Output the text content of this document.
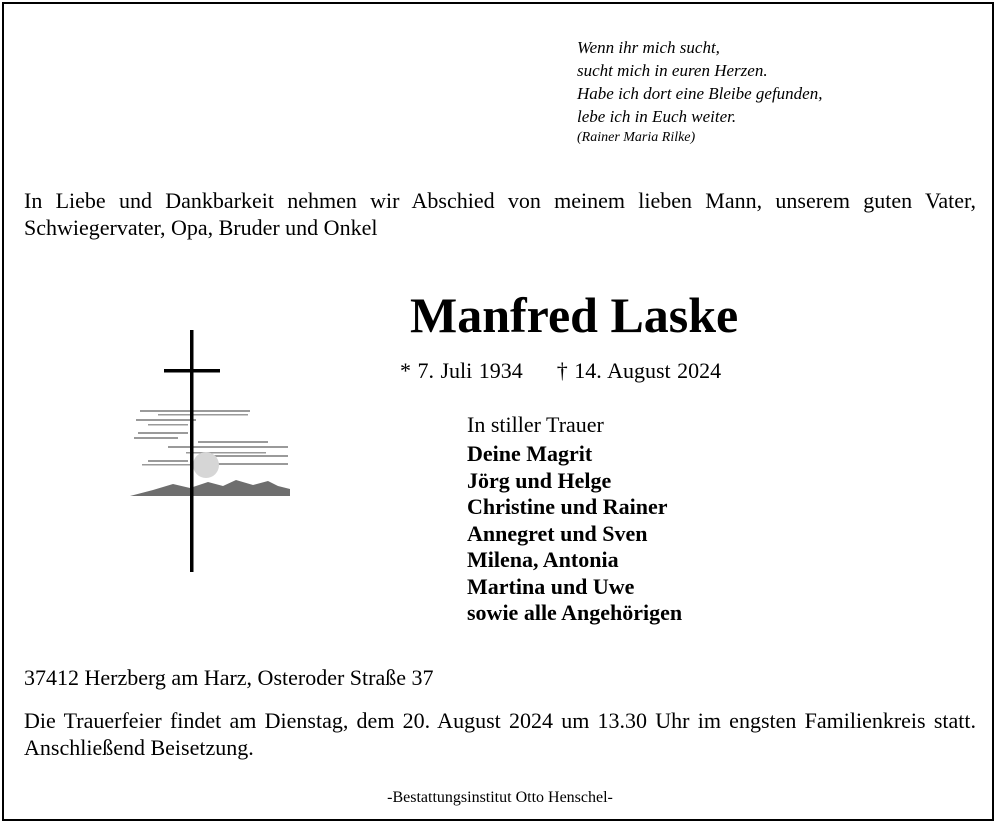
Wenn ihr mich sucht,
sucht mich in euren Herzen.
Habe ich dort eine Bleibe gefunden,
lebe ich in Euch weiter.
(Rainer Maria Rilke)
In Liebe und Dankbarkeit nehmen wir Abschied von meinem lieben Mann, unserem guten Vater, Schwiegervater, Opa, Bruder und Onkel
Manfred Laske
* 7. Juli 1934 † 14. August 2024
In stiller Trauer
Deine Magrit
Jörg und Helge
Christine und Rainer
Annegret und Sven
Milena, Antonia
Martina und Uwe
sowie alle Angehörigen
37412 Herzberg am Harz, Osteroder Straße 37
Die Trauerfeier findet am Dienstag, dem 20. August 2024 um 13.30 Uhr im engsten Familienkreis statt. Anschließend Beisetzung.
-Bestattungsinstitut Otto Henschel-
